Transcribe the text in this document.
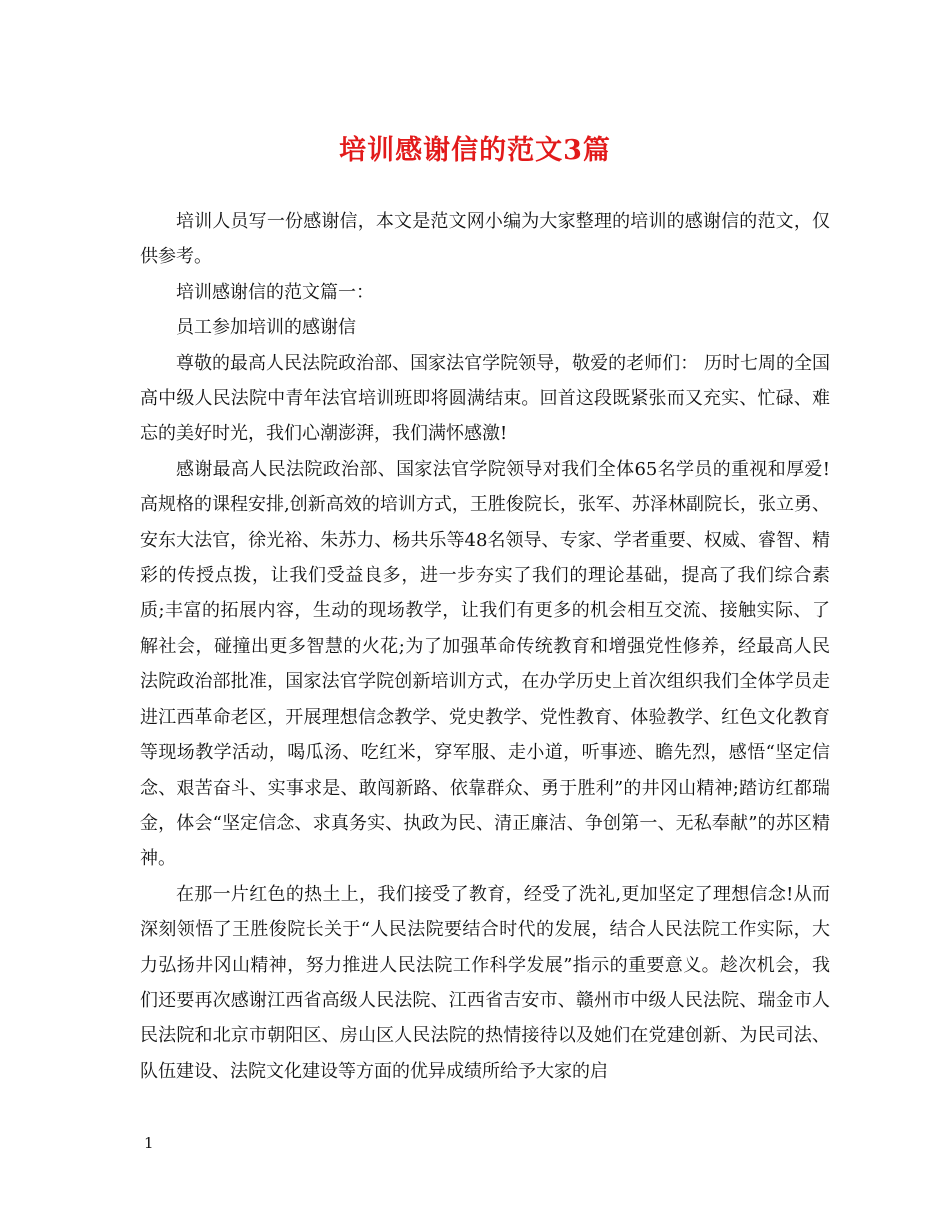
培训感谢信的范文3篇

培训人员写一份感谢信，本文是范文网小编为大家整理的培训的感谢信的范文，仅供参考。

培训感谢信的范文篇一：

员工参加培训的感谢信

尊敬的最高人民法院政治部、国家法官学院领导，敬爱的老师们： 历时七周的全国高中级人民法院中青年法官培训班即将圆满结束。回首这段既紧张而又充实、忙碌、难忘的美好时光，我们心潮澎湃，我们满怀感激!

感谢最高人民法院政治部、国家法官学院领导对我们全体65名学员的重视和厚爱!高规格的课程安排,创新高效的培训方式，王胜俊院长，张军、苏泽林副院长，张立勇、安东大法官，徐光裕、朱苏力、杨共乐等48名领导、专家、学者重要、权威、睿智、精彩的传授点拨，让我们受益良多，进一步夯实了我们的理论基础，提高了我们综合素质;丰富的拓展内容，生动的现场教学，让我们有更多的机会相互交流、接触实际、了解社会，碰撞出更多智慧的火花;为了加强革命传统教育和增强党性修养，经最高人民法院政治部批准，国家法官学院创新培训方式，在办学历史上首次组织我们全体学员走进江西革命老区，开展理想信念教学、党史教学、党性教育、体验教学、红色文化教育等现场教学活动，喝瓜汤、吃红米，穿军服、走小道，听事迹、瞻先烈，感悟“坚定信念、艰苦奋斗、实事求是、敢闯新路、依靠群众、勇于胜利”的井冈山精神;踏访红都瑞金，体会“坚定信念、求真务实、执政为民、清正廉洁、争创第一、无私奉献”的苏区精神。

在那一片红色的热土上，我们接受了教育，经受了洗礼,更加坚定了理想信念!从而深刻领悟了王胜俊院长关于“人民法院要结合时代的发展，结合人民法院工作实际，大力弘扬井冈山精神，努力推进人民法院工作科学发展”指示的重要意义。趁次机会，我们还要再次感谢江西省高级人民法院、江西省吉安市、赣州市中级人民法院、瑞金市人民法院和北京市朝阳区、房山区人民法院的热情接待以及她们在党建创新、为民司法、队伍建设、法院文化建设等方面的优异成绩所给予大家的启

1
